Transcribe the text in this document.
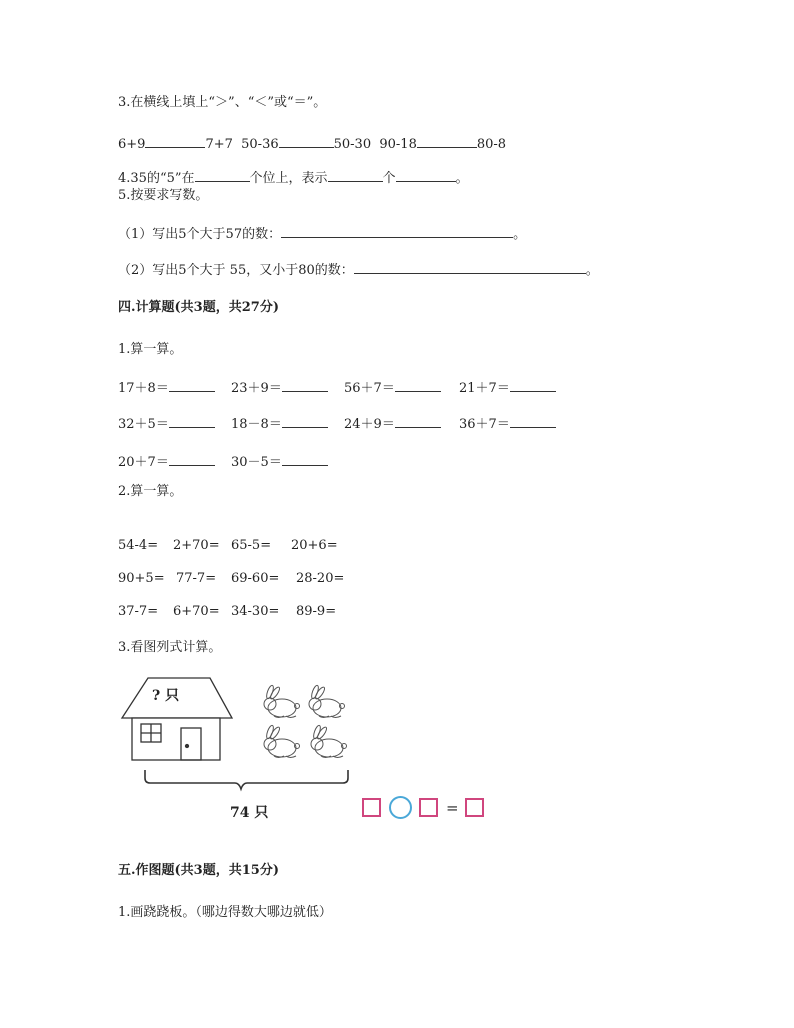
3.在横线上填上“＞”、“＜”或“＝”。
6+9	7+7 50-36	50-30 90-18	80-8
4.35的“5”在	个位上，表示	个	。
5.按要求写数。
（1）写出5个大于57的数：	。
（2）写出5个大于 55，又小于80的数：	。
四.计算题(共3题，共27分)
1.算一算。
17＋8＝	23＋9＝	56＋7＝	21＋7＝
32＋5＝	18－8＝	24＋9＝	36＋7＝
20＋7＝	30－5＝
2.算一算。
54-4= 2+70= 65-5= 20+6=
90+5= 77-7= 69-60= 28-20=
37-7= 6+70= 34-30= 89-9=
3.看图列式计算。
? 只
74 只	=
五.作图题(共3题，共15分)
1.画跷跷板。（哪边得数大哪边就低）
